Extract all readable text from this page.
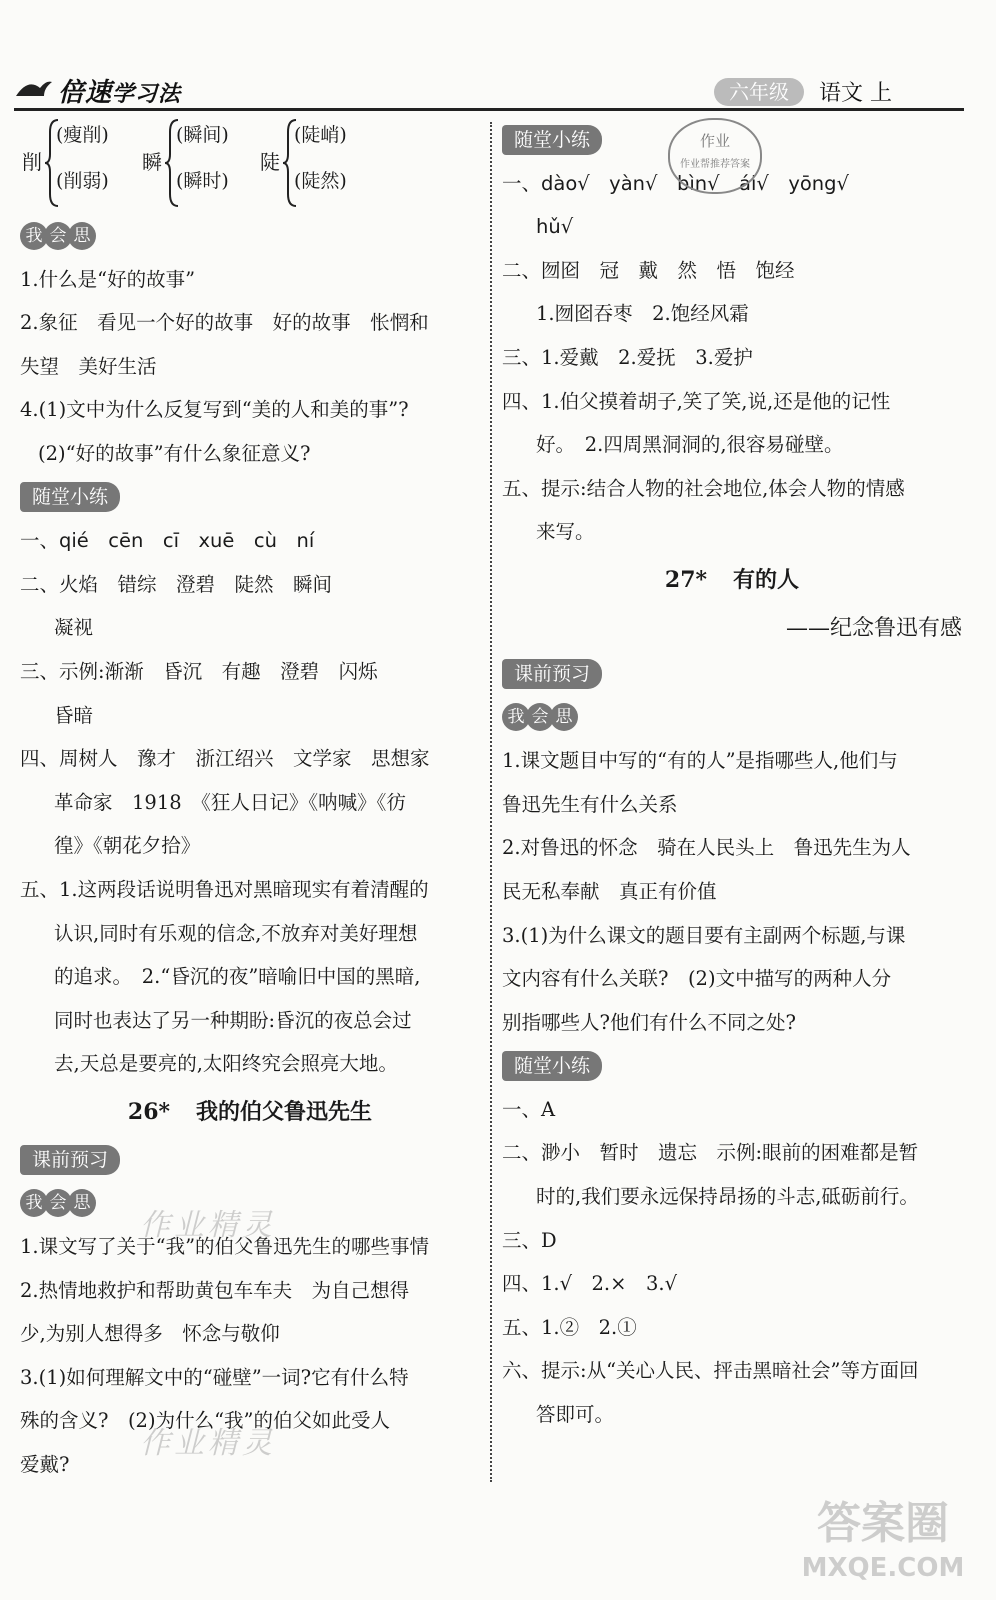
倍速学习法	六年级	语文 上
削
(瘦削)
(削弱)
瞬
(瞬间)
(瞬时)
陡
(陡峭)
(陡然)
我 会 思
1.什么是“好的故事”
2.象征　看见一个好的故事　好的故事　怅惘和
失望　美好生活
4.(1)文中为什么反复写到“美的人和美的事”?
(2)“好的故事”有什么象征意义?
随堂小练
一、qié　cēn　cī　xuē　cù　ní
二、火焰　错综　澄碧　陡然　瞬间
凝视
三、示例:渐渐　昏沉　有趣　澄碧　闪烁
昏暗
四、周树人　豫才　浙江绍兴　文学家　思想家
革命家　1918　《狂人日记》《呐喊》《彷
徨》《朝花夕拾》
五、1.这两段话说明鲁迅对黑暗现实有着清醒的
认识,同时有乐观的信念,不放弃对美好理想
的追求。　2.“昏沉的夜”暗喻旧中国的黑暗,
同时也表达了另一种期盼:昏沉的夜总会过
去,天总是要亮的,太阳终究会照亮大地。
26* 我的伯父鲁迅先生
课前预习
我 会 思
1.课文写了关于“我”的伯父鲁迅先生的哪些事情
2.热情地救护和帮助黄包车车夫　为自己想得
少,为别人想得多　怀念与敬仰
3.(1)如何理解文中的“碰壁”一词?它有什么特
殊的含义?　(2)为什么“我”的伯父如此受人
爱戴?
随堂小练
一、dào√　yàn√　bìn√　ái√　yōng√
hǔ√
二、囫囵　冠　戴　然　悟　饱经
1.囫囵吞枣　2.饱经风霜
三、1.爱戴　2.爱抚　3.爱护
四、1.伯父摸着胡子,笑了笑,说,还是他的记性
好。　2.四周黑洞洞的,很容易碰壁。
五、提示:结合人物的社会地位,体会人物的情感
来写。
27* 有的人
——纪念鲁迅有感
课前预习
我 会 思
1.课文题目中写的“有的人”是指哪些人,他们与
鲁迅先生有什么关系
2.对鲁迅的怀念　骑在人民头上　鲁迅先生为人
民无私奉献　真正有价值
3.(1)为什么课文的题目要有主副两个标题,与课
文内容有什么关联?　(2)文中描写的两种人分
别指哪些人?他们有什么不同之处?
随堂小练
一、A
二、渺小　暂时　遗忘　示例:眼前的困难都是暂
时的,我们要永远保持昂扬的斗志,砥砺前行。
三、D
四、1.√　2.×　3.√
五、1.②　2.①
六、提示:从“关心人民、抨击黑暗社会”等方面回
答即可。
作业
作业帮推荐答案
作业精灵
作业精灵
答案圈
MXQE.COM
